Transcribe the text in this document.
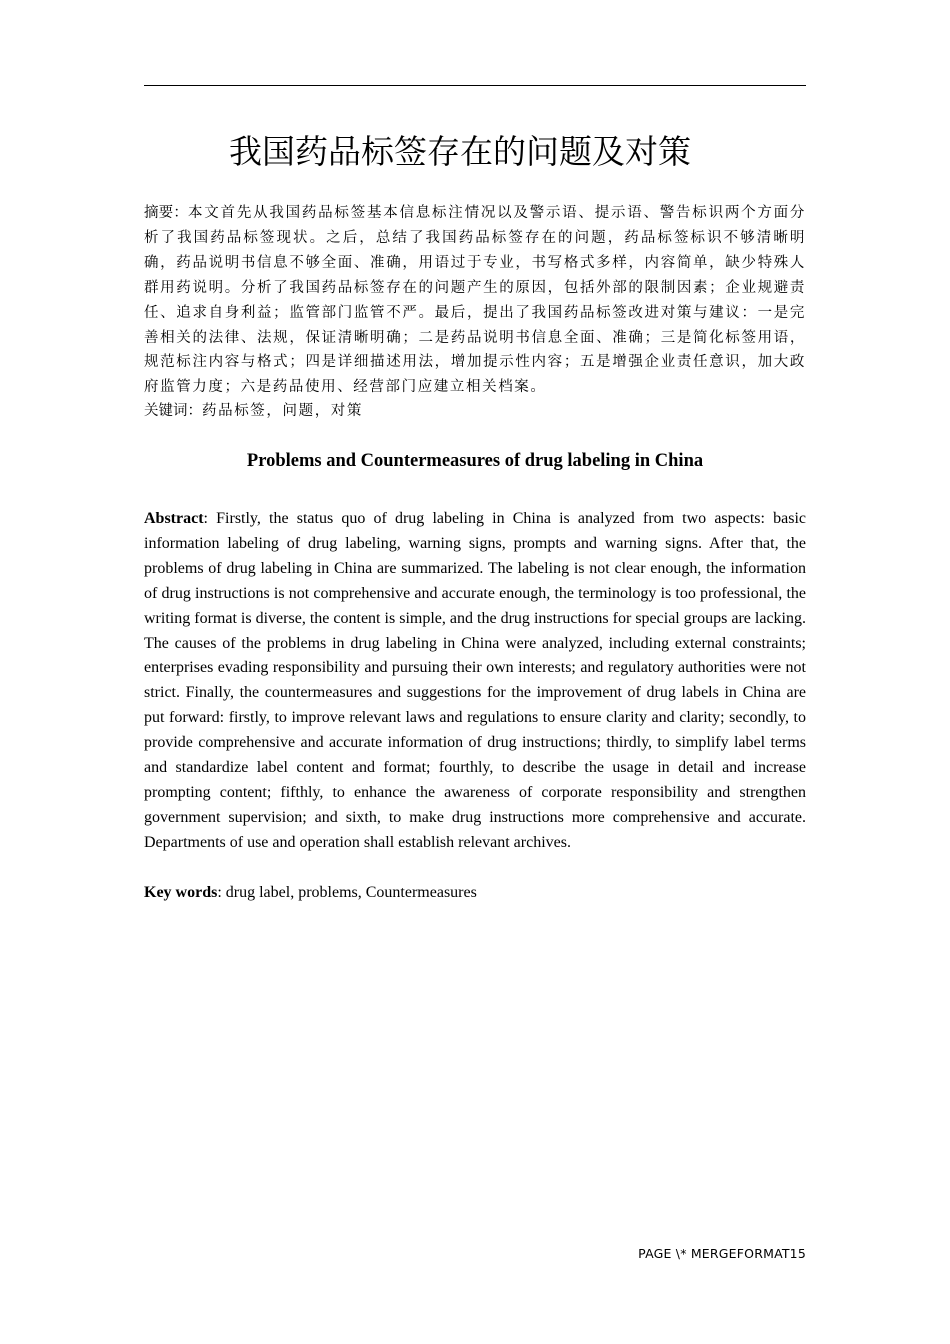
我国药品标签存在的问题及对策
摘要：本文首先从我国药品标签基本信息标注情况以及警示语、提示语、警告标识两个方面分析了我国药品标签现状。之后，总结了我国药品标签存在的问题，药品标签标识不够清晰明确，药品说明书信息不够全面、准确，用语过于专业，书写格式多样，内容简单，缺少特殊人群用药说明。分析了我国药品标签存在的问题产生的原因，包括外部的限制因素；企业规避责任、追求自身利益；监管部门监管不严。最后，提出了我国药品标签改进对策与建议：一是完善相关的法律、法规，保证清晰明确；二是药品说明书信息全面、准确；三是简化标签用语，规范标注内容与格式；四是详细描述用法，增加提示性内容；五是增强企业责任意识，加大政府监管力度；六是药品使用、经营部门应建立相关档案。
关键词：药品标签，问题，对策
Problems and Countermeasures of drug labeling in China
Abstract: Firstly, the status quo of drug labeling in China is analyzed from two aspects: basic information labeling of drug labeling, warning signs, prompts and warning signs. After that, the problems of drug labeling in China are summarized. The labeling is not clear enough, the information of drug instructions is not comprehensive and accurate enough, the terminology is too professional, the writing format is diverse, the content is simple, and the drug instructions for special groups are lacking. The causes of the problems in drug labeling in China were analyzed, including external constraints; enterprises evading responsibility and pursuing their own interests; and regulatory authorities were not strict. Finally, the countermeasures and suggestions for the improvement of drug labels in China are put forward: firstly, to improve relevant laws and regulations to ensure clarity and clarity; secondly, to provide comprehensive and accurate information of drug instructions; thirdly, to simplify label terms and standardize label content and format; fourthly, to describe the usage in detail and increase prompting content; fifthly, to enhance the awareness of corporate responsibility and strengthen government supervision; and sixth, to make drug instructions more comprehensive and accurate. Departments of use and operation shall establish relevant archives.
Key words: drug label, problems, Countermeasures
PAGE \* MERGEFORMAT15
